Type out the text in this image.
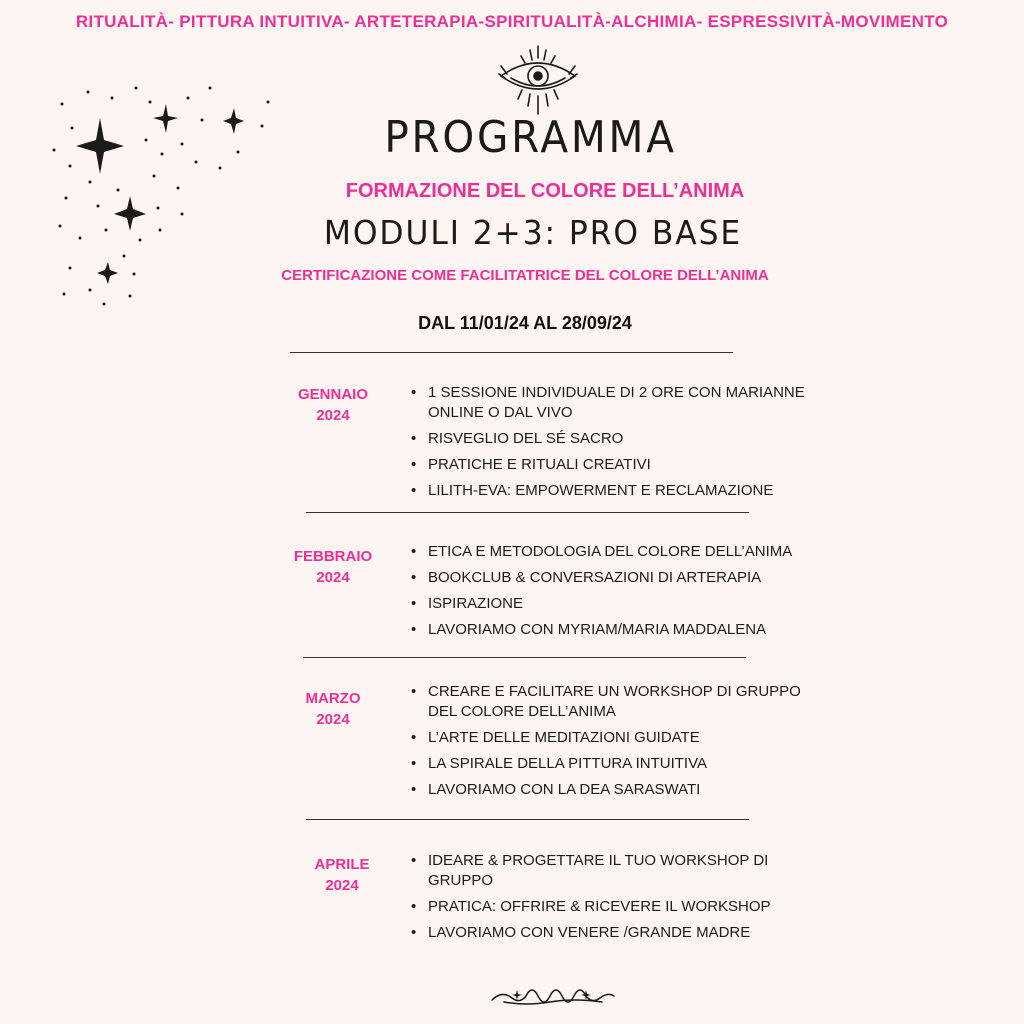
RITUALITÀ- PITTURA INTUITIVA- ARTETERAPIA-SPIRITUALITÀ-ALCHIMIA- ESPRESSIVITÀ-MOVIMENTO
PROGRAMMA
FORMAZIONE DEL COLORE DELL’ANIMA
MODULI 2+3: PRO BASE
CERTIFICAZIONE COME FACILITATRICE DEL COLORE DELL’ANIMA
DAL 11/01/24 AL 28/09/24
GENNAIO
2024
• 1 SESSIONE INDIVIDUALE DI 2 ORE CON MARIANNE ONLINE O DAL VIVO
• RISVEGLIO DEL SÉ SACRO
• PRATICHE E RITUALI CREATIVI
• LILITH-EVA: EMPOWERMENT E RECLAMAZIONE
FEBBRAIO
2024
• ETICA E METODOLOGIA DEL COLORE DELL’ANIMA
• BOOKCLUB & CONVERSAZIONI DI ARTERAPIA
• ISPIRAZIONE
• LAVORIAMO CON MYRIAM/MARIA MADDALENA
MARZO
2024
• CREARE E FACILITARE UN WORKSHOP DI GRUPPO DEL COLORE DELL’ANIMA
• L’ARTE DELLE MEDITAZIONI GUIDATE
• LA SPIRALE DELLA PITTURA INTUITIVA
• LAVORIAMO CON LA DEA SARASWATI
APRILE
2024
• IDEARE & PROGETTARE IL TUO WORKSHOP DI GRUPPO
• PRATICA: OFFRIRE & RICEVERE IL WORKSHOP
• LAVORIAMO CON VENERE /GRANDE MADRE
